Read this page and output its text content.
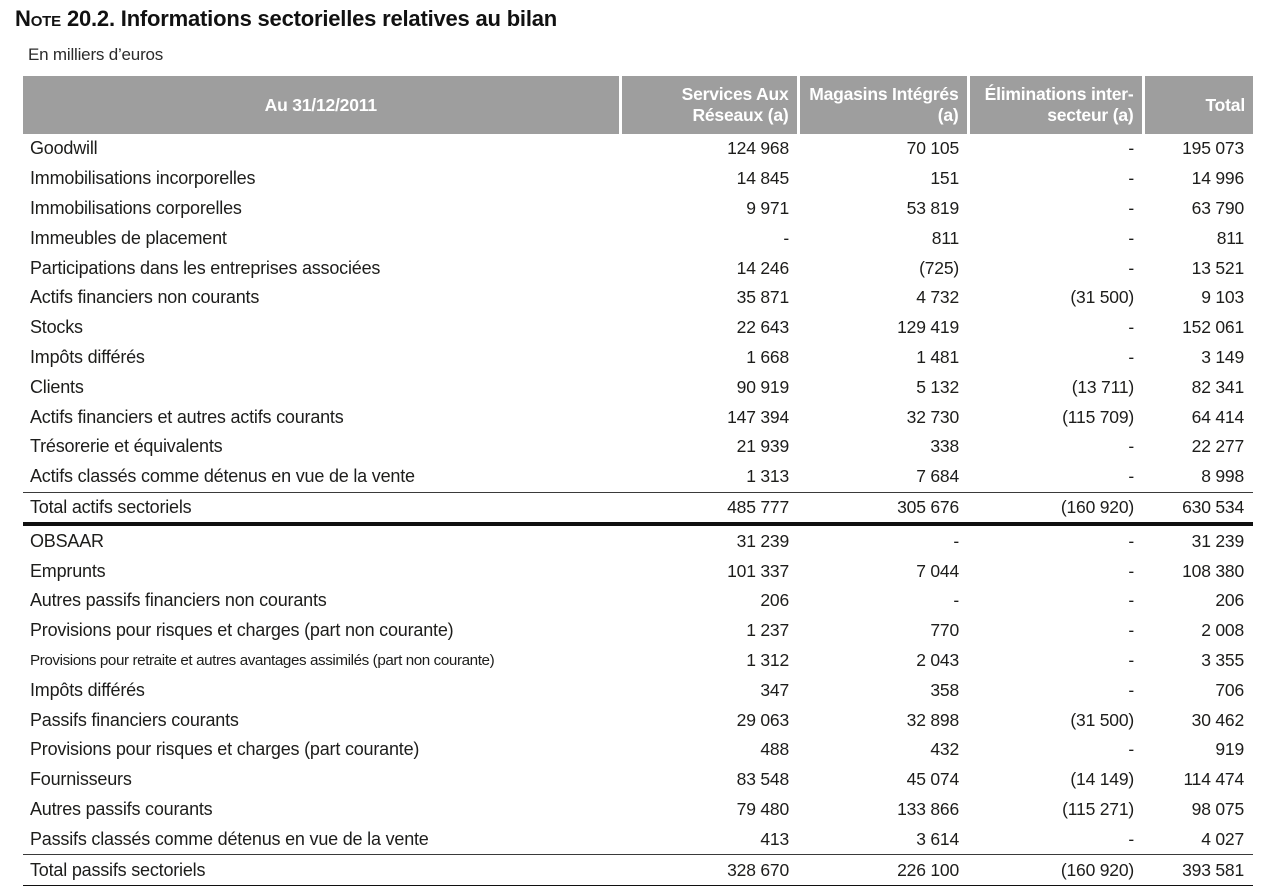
Note 20.2. Informations sectorielles relatives au bilan
En milliers d’euros
Au 31/12/2011	Services Aux Réseaux (a)	Magasins Intégrés (a)	Éliminations inter-secteur (a)	Total
Goodwill	124 968	70 105	-	195 073
Immobilisations incorporelles	14 845	151	-	14 996
Immobilisations corporelles	9 971	53 819	-	63 790
Immeubles de placement	-	811	-	811
Participations dans les entreprises associées	14 246	(725)	-	13 521
Actifs financiers non courants	35 871	4 732	(31 500)	9 103
Stocks	22 643	129 419	-	152 061
Impôts différés	1 668	1 481	-	3 149
Clients	90 919	5 132	(13 711)	82 341
Actifs financiers et autres actifs courants	147 394	32 730	(115 709)	64 414
Trésorerie et équivalents	21 939	338	-	22 277
Actifs classés comme détenus en vue de la vente	1 313	7 684	-	8 998
Total actifs sectoriels	485 777	305 676	(160 920)	630 534
OBSAAR	31 239	-	-	31 239
Emprunts	101 337	7 044	-	108 380
Autres passifs financiers non courants	206	-	-	206
Provisions pour risques et charges (part non courante)	1 237	770	-	2 008
Provisions pour retraite et autres avantages assimilés (part non courante)	1 312	2 043	-	3 355
Impôts différés	347	358	-	706
Passifs financiers courants	29 063	32 898	(31 500)	30 462
Provisions pour risques et charges (part courante)	488	432	-	919
Fournisseurs	83 548	45 074	(14 149)	114 474
Autres passifs courants	79 480	133 866	(115 271)	98 075
Passifs classés comme détenus en vue de la vente	413	3 614	-	4 027
Total passifs sectoriels	328 670	226 100	(160 920)	393 581
